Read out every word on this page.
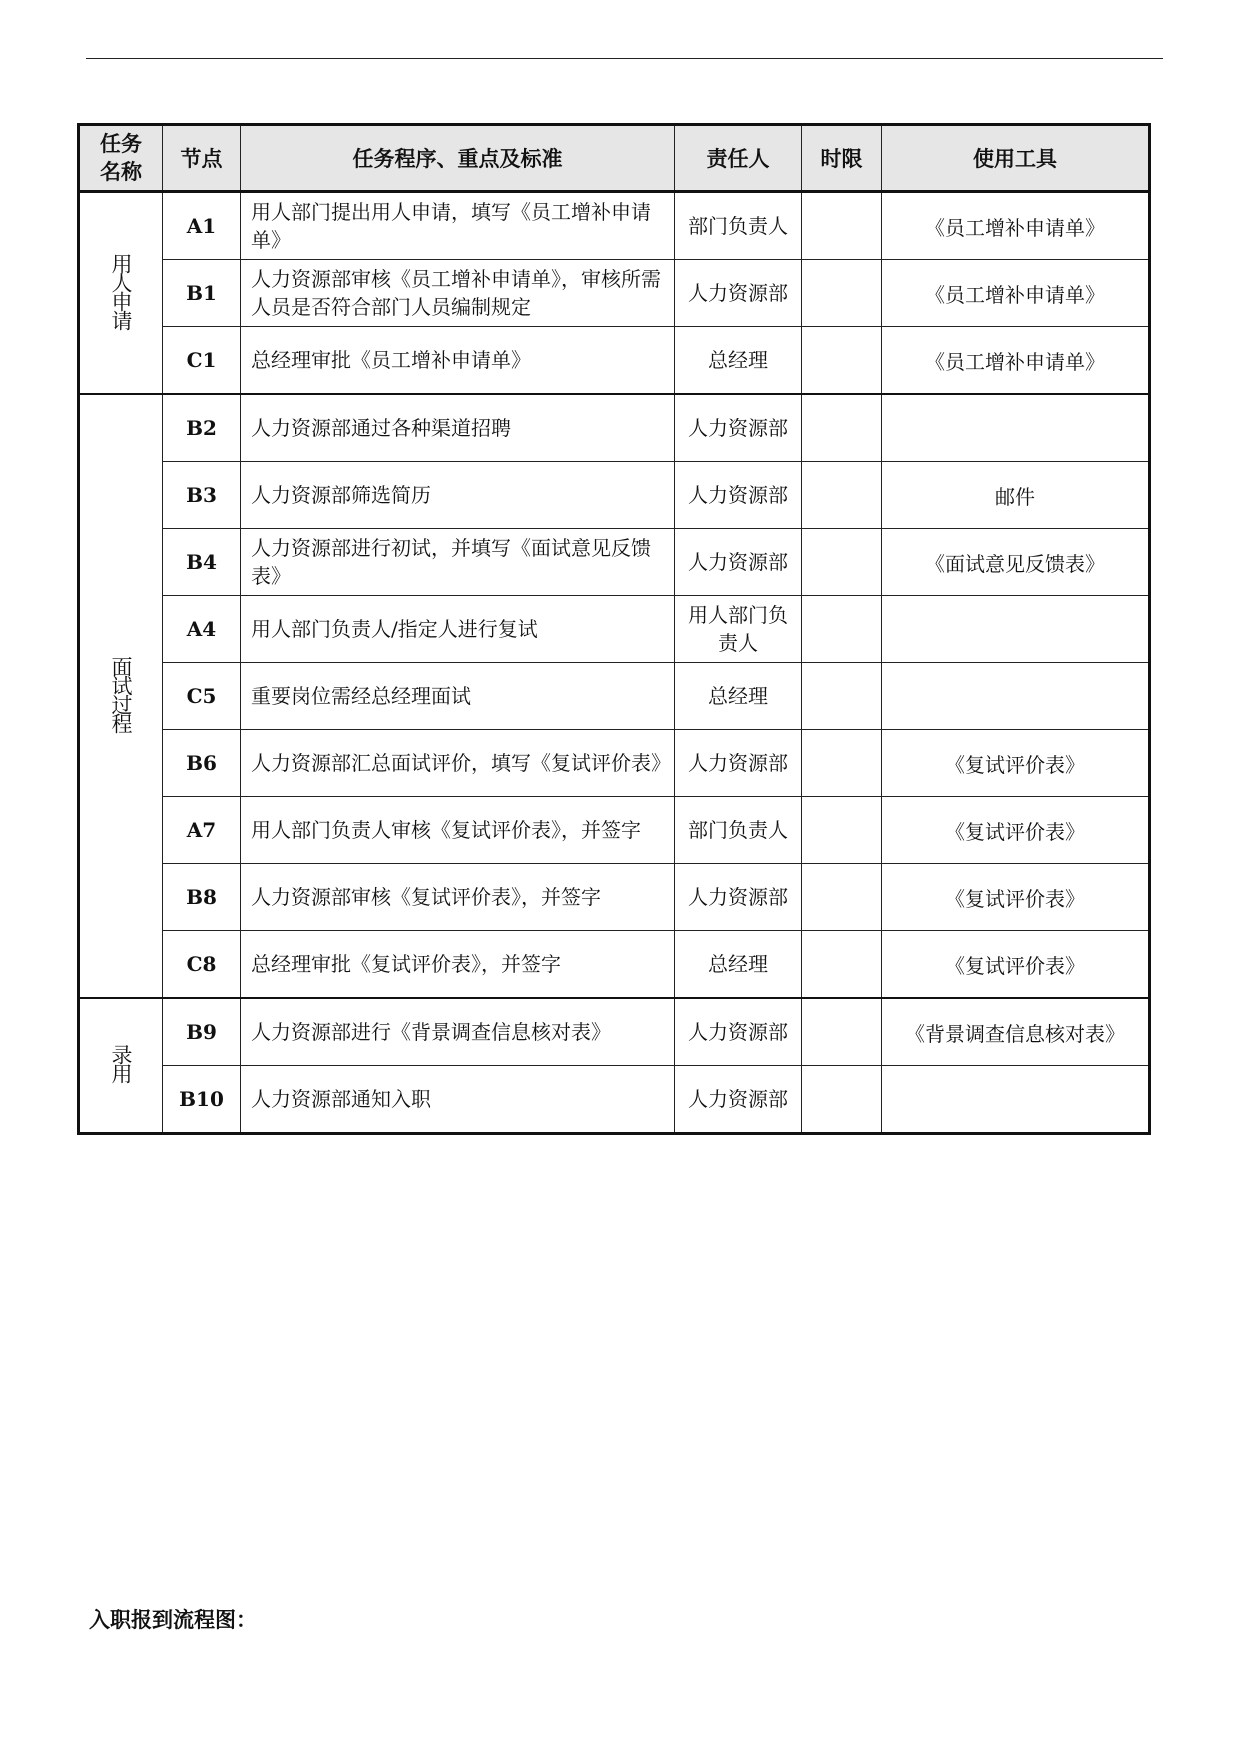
任务名称	节点	任务程序、重点及标准	责任人	时限	使用工具
用人申请	A1	用人部门提出用人申请，填写《员工增补申请单》	部门负责人		《员工增补申请单》
	B1	人力资源部审核《员工增补申请单》，审核所需人员是否符合部门人员编制规定	人力资源部		《员工增补申请单》
	C1	总经理审批《员工增补申请单》	总经理		《员工增补申请单》
面试过程	B2	人力资源部通过各种渠道招聘	人力资源部		
	B3	人力资源部筛选简历	人力资源部		邮件
	B4	人力资源部进行初试，并填写《面试意见反馈表》	人力资源部		《面试意见反馈表》
	A4	用人部门负责人/指定人进行复试	用人部门负责人		
	C5	重要岗位需经总经理面试	总经理		
	B6	人力资源部汇总面试评价，填写《复试评价表》	人力资源部		《复试评价表》
	A7	用人部门负责人审核《复试评价表》，并签字	部门负责人		《复试评价表》
	B8	人力资源部审核《复试评价表》，并签字	人力资源部		《复试评价表》
	C8	总经理审批《复试评价表》，并签字	总经理		《复试评价表》
录用	B9	人力资源部进行《背景调查信息核对表》	人力资源部		《背景调查信息核对表》
	B10	人力资源部通知入职	人力资源部		
入职报到流程图：
